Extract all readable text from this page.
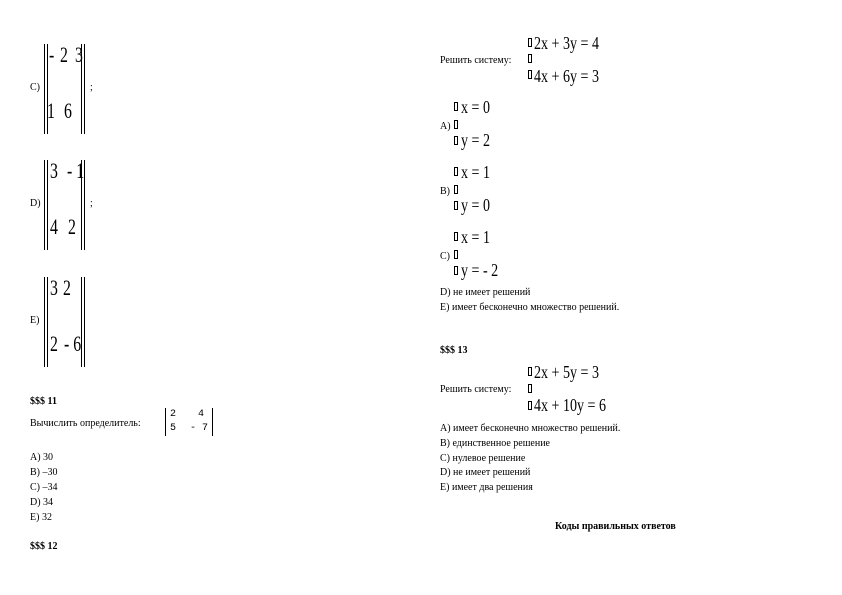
C)
- 2 3
1 6
;
D)
3 - 1
4 2
;
E)
3 2
2 - 6
$$$ 11
Вычислить определитель:
2 4
5 - 7
A) 30
B) –30
C) –34
D) 34
E) 32
$$$ 12
Решить систему:
2x + 3y = 4
4x + 6y = 3
A)
x = 0
y = 2
B)
x = 1
y = 0
C)
x = 1
y = - 2
D) не имеет решений
E) имеет бесконечно множество решений.
$$$ 13
Решить систему:
2x + 5y = 3
4x + 10y = 6
A) имеет бесконечно множество решений.
B) единственное решение
C) нулевое решение
D) не имеет решений
E) имеет два решения
Коды правильных ответов
